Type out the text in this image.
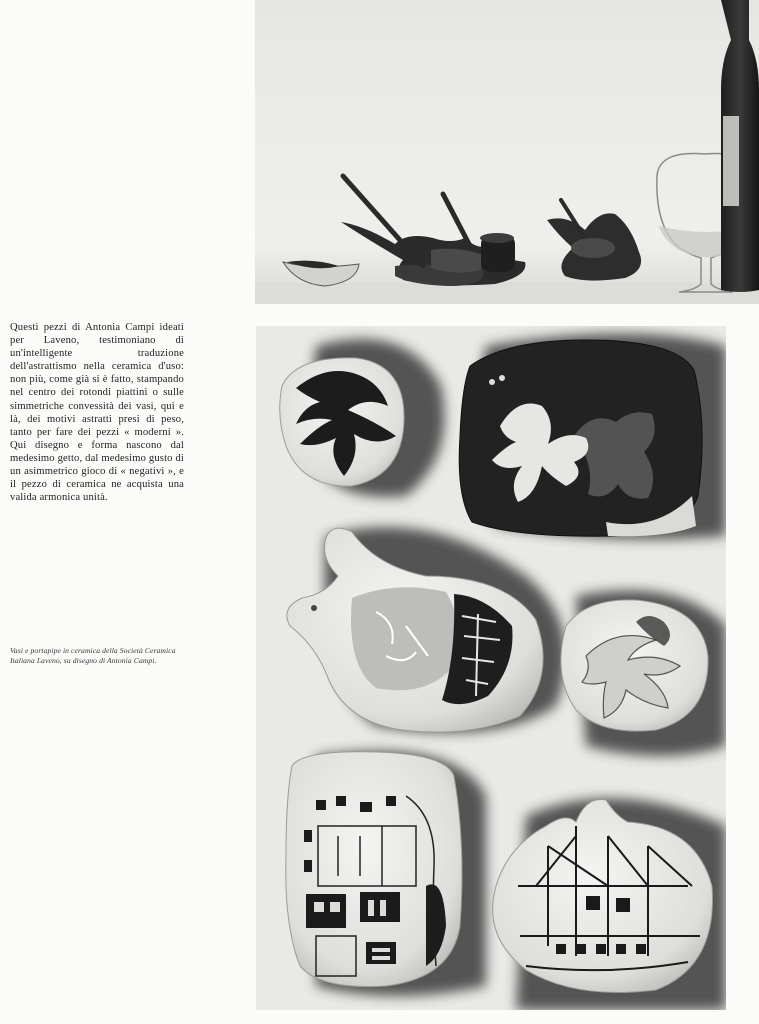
Questi pezzi di Antonia Campi ideati per Laveno, testimoniano di un'intelligente traduzione dell'astrattismo nella ceramica d'uso: non più, come già si è fatto, stampando nel centro dei rotondi piattini o sulle simmetriche convessità dei vasi, qui e là, dei motivi astratti presi di peso, tanto per fare dei pezzi « moderni ». Qui disegno e forma nascono dal medesimo getto, dal medesimo gusto di un asimmetrico gioco di « negativi », e il pezzo di ceramica ne acquista una valida armonica unità.

Vasi e portapipe in ceramica della Società Ceramica Italiana Laveno, su disegno di Antonia Campi.
